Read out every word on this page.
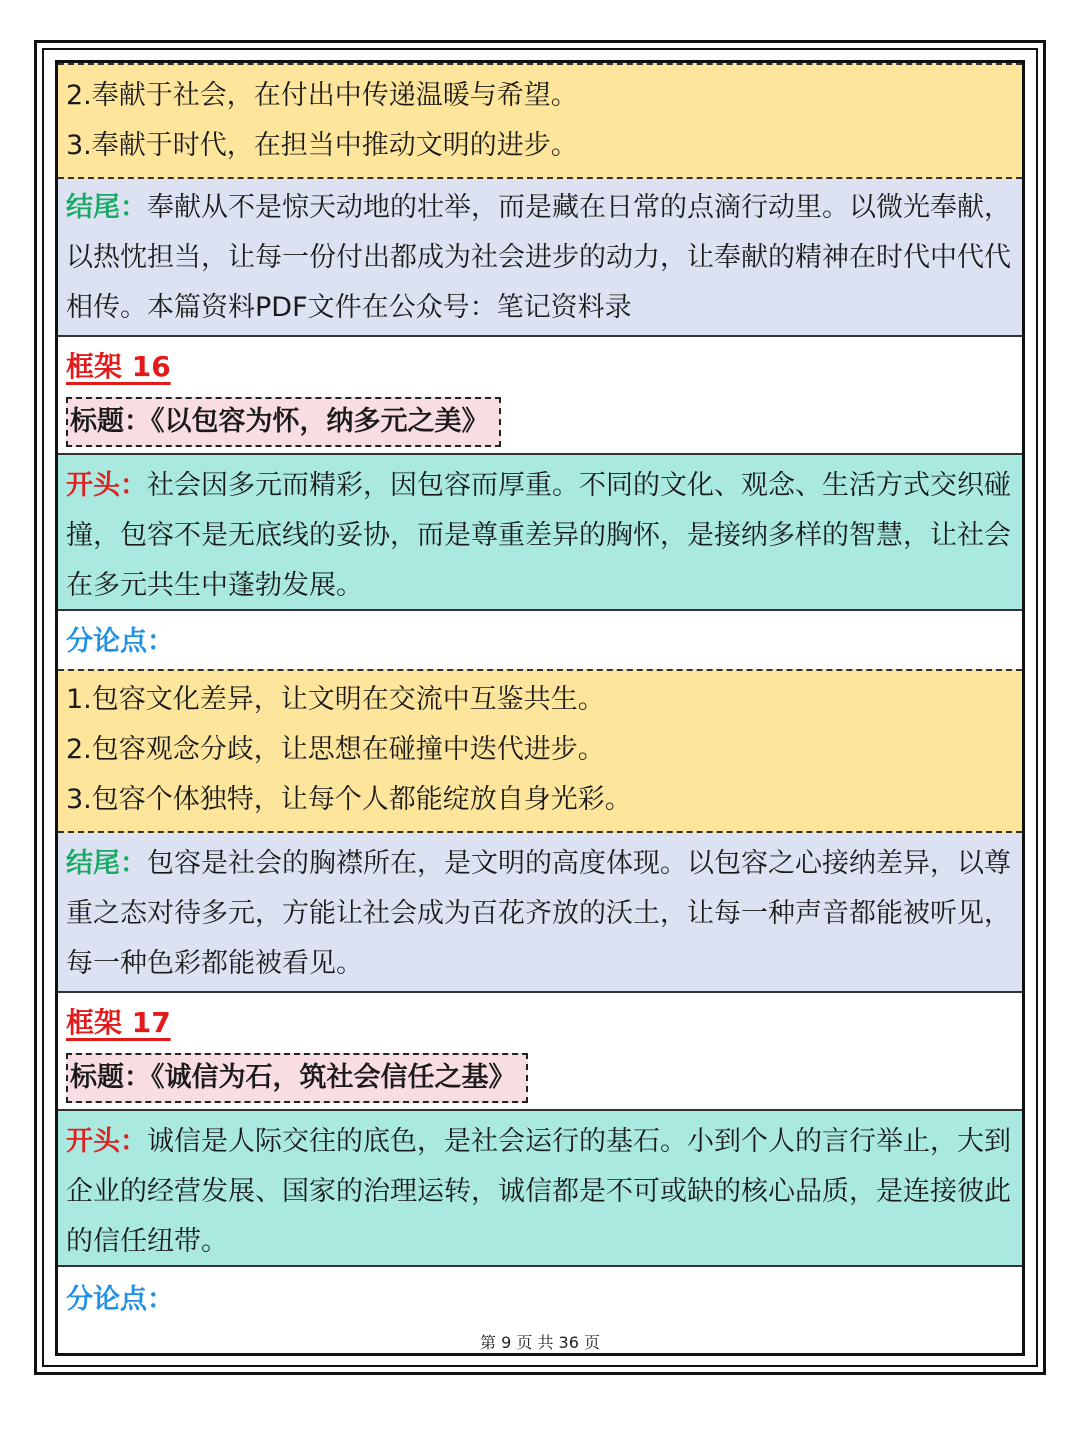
2.奉献于社会，在付出中传递温暖与希望。
3.奉献于时代，在担当中推动文明的进步。
结尾：奉献从不是惊天动地的壮举，而是藏在日常的点滴行动里。以微光奉献，以热忱担当，让每一份付出都成为社会进步的动力，让奉献的精神在时代中代代相传。本篇资料PDF文件在公众号：笔记资料录
框架 16
标题：《以包容为怀，纳多元之美》
开头：社会因多元而精彩，因包容而厚重。不同的文化、观念、生活方式交织碰撞，包容不是无底线的妥协，而是尊重差异的胸怀，是接纳多样的智慧，让社会在多元共生中蓬勃发展。
分论点：
1.包容文化差异，让文明在交流中互鉴共生。
2.包容观念分歧，让思想在碰撞中迭代进步。
3.包容个体独特，让每个人都能绽放自身光彩。
结尾：包容是社会的胸襟所在，是文明的高度体现。以包容之心接纳差异，以尊重之态对待多元，方能让社会成为百花齐放的沃土，让每一种声音都能被听见，每一种色彩都能被看见。
框架 17
标题：《诚信为石，筑社会信任之基》
开头：诚信是人际交往的底色，是社会运行的基石。小到个人的言行举止，大到企业的经营发展、国家的治理运转，诚信都是不可或缺的核心品质，是连接彼此的信任纽带。
分论点：
第 9 页 共 36 页
